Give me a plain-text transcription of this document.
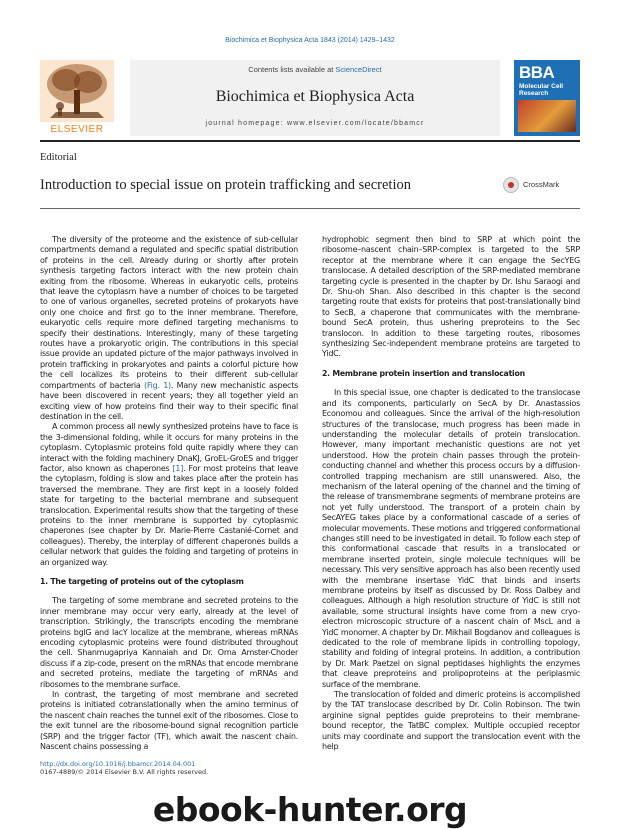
Biochimica et Biophysica Acta 1843 (2014) 1429–1432
ELSEVIER
Contents lists available at ScienceDirect
Biochimica et Biophysica Acta
journal homepage: www.elsevier.com/locate/bbamcr
BBA
Molecular Cell Research
Editorial
Introduction to special issue on protein trafficking and secretion	CrossMark

The diversity of the proteome and the existence of sub-cellular compartments demand a regulated and specific spatial distribution of proteins in the cell. Already during or shortly after protein synthesis targeting factors interact with the new protein chain exiting from the ribosome. Whereas in eukaryotic cells, proteins that leave the cytoplasm have a number of choices to be targeted to one of various organelles, secreted proteins of prokaryots have only one choice and first go to the inner membrane. Therefore, eukaryotic cells require more defined targeting mechanisms to specify their destinations. Interestingly, many of these targeting routes have a prokaryotic origin. The contributions in this special issue provide an updated picture of the major pathways involved in protein trafficking in prokaryotes and paints a colorful picture how the cell localizes its proteins to their different sub-cellular compartments of bacteria (Fig. 1). Many new mechanistic aspects have been discovered in recent years; they all together yield an exciting view of how proteins find their way to their specific final destination in the cell.

A common process all newly synthesized proteins have to face is the 3-dimensional folding, while it occurs for many proteins in the cytoplasm. Cytoplasmic proteins fold quite rapidly where they can interact with the folding machinery DnaKJ, GroEL-GroES and trigger factor, also known as chaperones [1]. For most proteins that leave the cytoplasm, folding is slow and takes place after the protein has traversed the membrane. They are first kept in a loosely folded state for targeting to the bacterial membrane and subsequent translocation. Experimental results show that the targeting of these proteins to the inner membrane is supported by cytoplasmic chaperones (see chapter by Dr. Marie-Pierre Castanié-Cornet and colleagues). Thereby, the interplay of different chaperones builds a cellular network that guides the folding and targeting of proteins in an organized way.

1. The targeting of proteins out of the cytoplasm

The targeting of some membrane and secreted proteins to the inner membrane may occur very early, already at the level of transcription. Strikingly, the transcripts encoding the membrane proteins bglG and lacY localize at the membrane, whereas mRNAs encoding cytoplasmic proteins were found distributed throughout the cell. Shanmugapriya Kannaiah and Dr. Orna Amster-Choder discuss if a zip-code, present on the mRNAs that encode membrane and secreted proteins, mediate the targeting of mRNAs and ribosomes to the membrane surface.

In contrast, the targeting of most membrane and secreted proteins is initiated cotranslationally when the amino terminus of the nascent chain reaches the tunnel exit of the ribosomes. Close to the exit tunnel are the ribosome-bound signal recognition particle (SRP) and the trigger factor (TF), which await the nascent chain. Nascent chains possessing a

hydrophobic segment then bind to SRP at which point the ribosome–nascent chain–SRP-complex is targeted to the SRP receptor at the membrane where it can engage the SecYEG translocase. A detailed description of the SRP-mediated membrane targeting cycle is presented in the chapter by Dr. Ishu Saraogi and Dr. Shu-oh Shan. Also described in this chapter is the second targeting route that exists for proteins that post-translationally bind to SecB, a chaperone that communicates with the membrane-bound SecA protein, thus ushering preproteins to the Sec translocon. In addition to these targeting routes, ribosomes synthesizing Sec-independent membrane proteins are targeted to YidC.

2. Membrane protein insertion and translocation

In this special issue, one chapter is dedicated to the translocase and its components, particularly on SecA by Dr. Anastassios Economou and colleagues. Since the arrival of the high-resolution structures of the translocase, much progress has been made in understanding the molecular details of protein translocation. However, many important mechanistic questions are not yet understood. How the protein chain passes through the protein-conducting channel and whether this process occurs by a diffusion-controlled trapping mechanism are still unanswered. Also, the mechanism of the lateral opening of the channel and the timing of the release of transmembrane segments of membrane proteins are not yet fully understood. The transport of a protein chain by SecAYEG takes place by a conformational cascade of a series of molecular movements. These motions and triggered conformational changes still need to be investigated in detail. To follow each step of this conformational cascade that results in a translocated or membrane inserted protein, single molecule techniques will be necessary. This very sensitive approach has also been recently used with the membrane insertase YidC that binds and inserts membrane proteins by itself as discussed by Dr. Ross Dalbey and colleagues. Although a high resolution structure of YidC is still not available, some structural insights have come from a new cryo-electron microscopic structure of a nascent chain of MscL and a YidC monomer. A chapter by Dr. Mikhail Bogdanov and colleagues is dedicated to the role of membrane lipids in controlling topology, stability and folding of integral proteins. In addition, a contribution by Dr. Mark Paetzel on signal peptidases highlights the enzymes that cleave preproteins and prolipoproteins at the periplasmic surface of the membrane.

The translocation of folded and dimeric proteins is accomplished by the TAT translocase described by Dr. Colin Robinson. The twin arginine signal peptides guide preproteins to their membrane-bound receptor, the TatBC complex. Multiple occupied receptor units may coordinate and support the translocation event with the help

http://dx.doi.org/10.1016/j.bbamcr.2014.04.001
0167-4889/© 2014 Elsevier B.V. All rights reserved.
ebook-hunter.org
